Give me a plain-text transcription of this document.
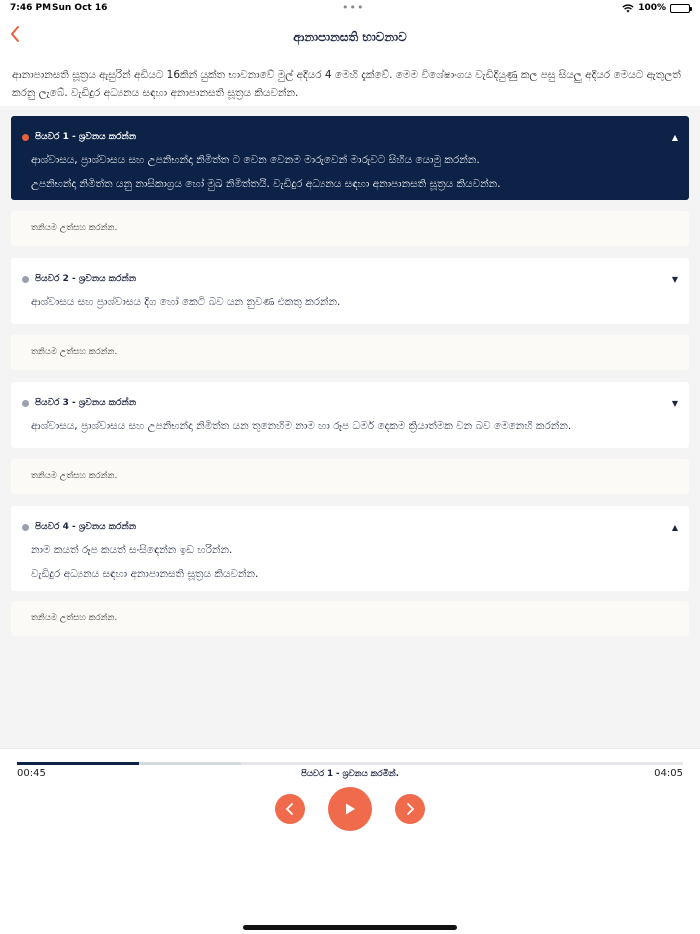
7:46 PM Sun Oct 16	•••	100%
ආනාපානසති භාවනාව
ආනාපානසති සූත්‍රය ඇසුරින් අඩියට 16කින් යුක්ත භාවනාවේ මුල් අදියර 4 මෙහි දැක්වේ. මෙම විශේෂාංගය වැඩිදියුණු කල පසු සියලු අදියර මෙයට ඇතුලත් කරනු ලැබේ. වැඩිදුර අධ්‍යනය සඳහා අනාපානසති සූත්‍රය කියවන්න.
පියවර 1 - ශ්‍රවනය කරන්න	▲
ආශ්වාසය, ප්‍රාශ්වාසය සහ උපනිභන්දා නිමිත්ත ට වෙන වෙනම මාරුවෙන් මාරුවට සිහිය යොමු කරන්න.
උපනිභන්දා නිමිත්ත යනු නාසිකාග්‍රය හෝ මුඛ නිමිත්තයි. වැඩිදුර අධ්‍යනය සඳහා අනාපානසති සූත්‍රය කියවන්න.
තනියම උත්සහ කරන්න.
පියවර 2 - ශ්‍රවනය කරන්න	▼
ආශ්වාසය සහ ප්‍රාශ්වාසය දිග හෝ කෙටි බව යන නුවණ එකතු කරන්න.
තනියම උත්සහ කරන්න.
පියවර 3 - ශ්‍රවනය කරන්න	▼
ආශ්වාසය, ප්‍රාශ්වාසය සහ උපනිභන්දා නිමිත්ත යන තුනෙහිම නාම හා රූප ධර්ම දෙකම ක්‍රියාත්මක වන බව මෙනෙහි කරන්න.
තනියම උත්සහ කරන්න.
පියවර 4 - ශ්‍රවනය කරන්න	▲
නාම කයත් රූප කයත් සංසිඳෙන්න ඉඩ හරින්න.
වැඩිදුර අධ්‍යනය සඳහා අනාපානසති සූත්‍රය කියවන්න.
තනියම උත්සහ කරන්න.
00:45	පියවර 1 - ශ්‍රවනය කරමින්.	04:05
